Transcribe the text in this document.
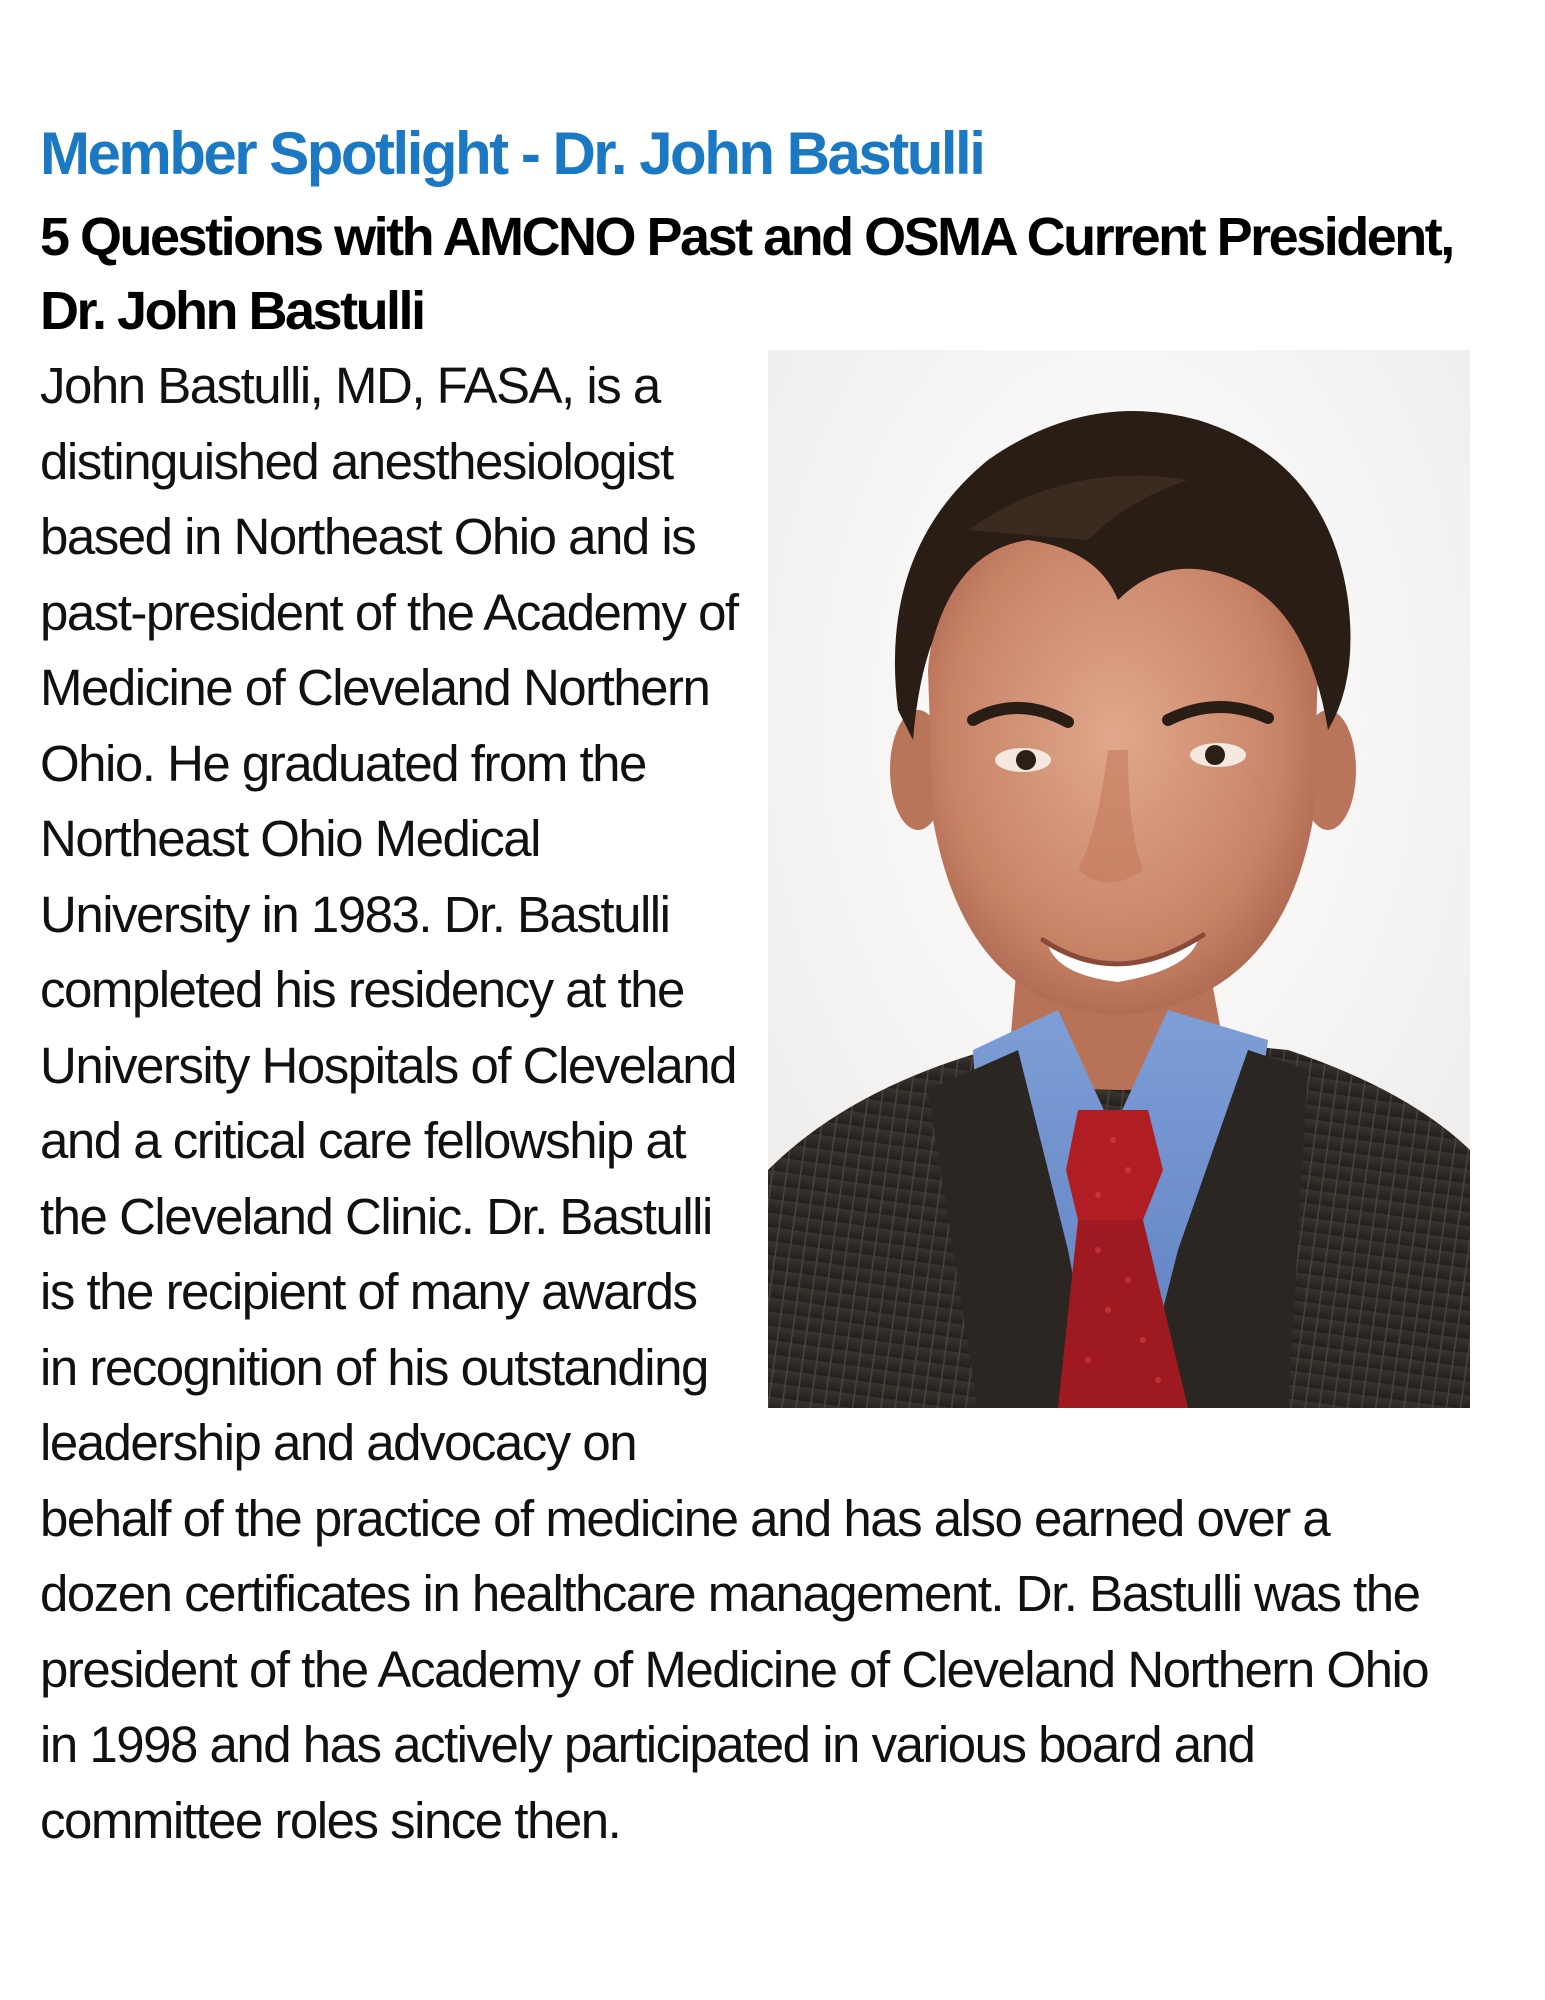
Member Spotlight - Dr. John Bastulli
5 Questions with AMCNO Past and OSMA Current President, Dr. John Bastulli

John Bastulli, MD, FASA, is a distinguished anesthesiologist based in Northeast Ohio and is past-president of the Academy of Medicine of Cleveland Northern Ohio. He graduated from the Northeast Ohio Medical University in 1983. Dr. Bastulli completed his residency at the University Hospitals of Cleveland and a critical care fellowship at the Cleveland Clinic. Dr. Bastulli is the recipient of many awards in recognition of his outstanding leadership and advocacy on behalf of the practice of medicine and has also earned over a dozen certificates in healthcare management. Dr. Bastulli was the president of the Academy of Medicine of Cleveland Northern Ohio in 1998 and has actively participated in various board and committee roles since then.
